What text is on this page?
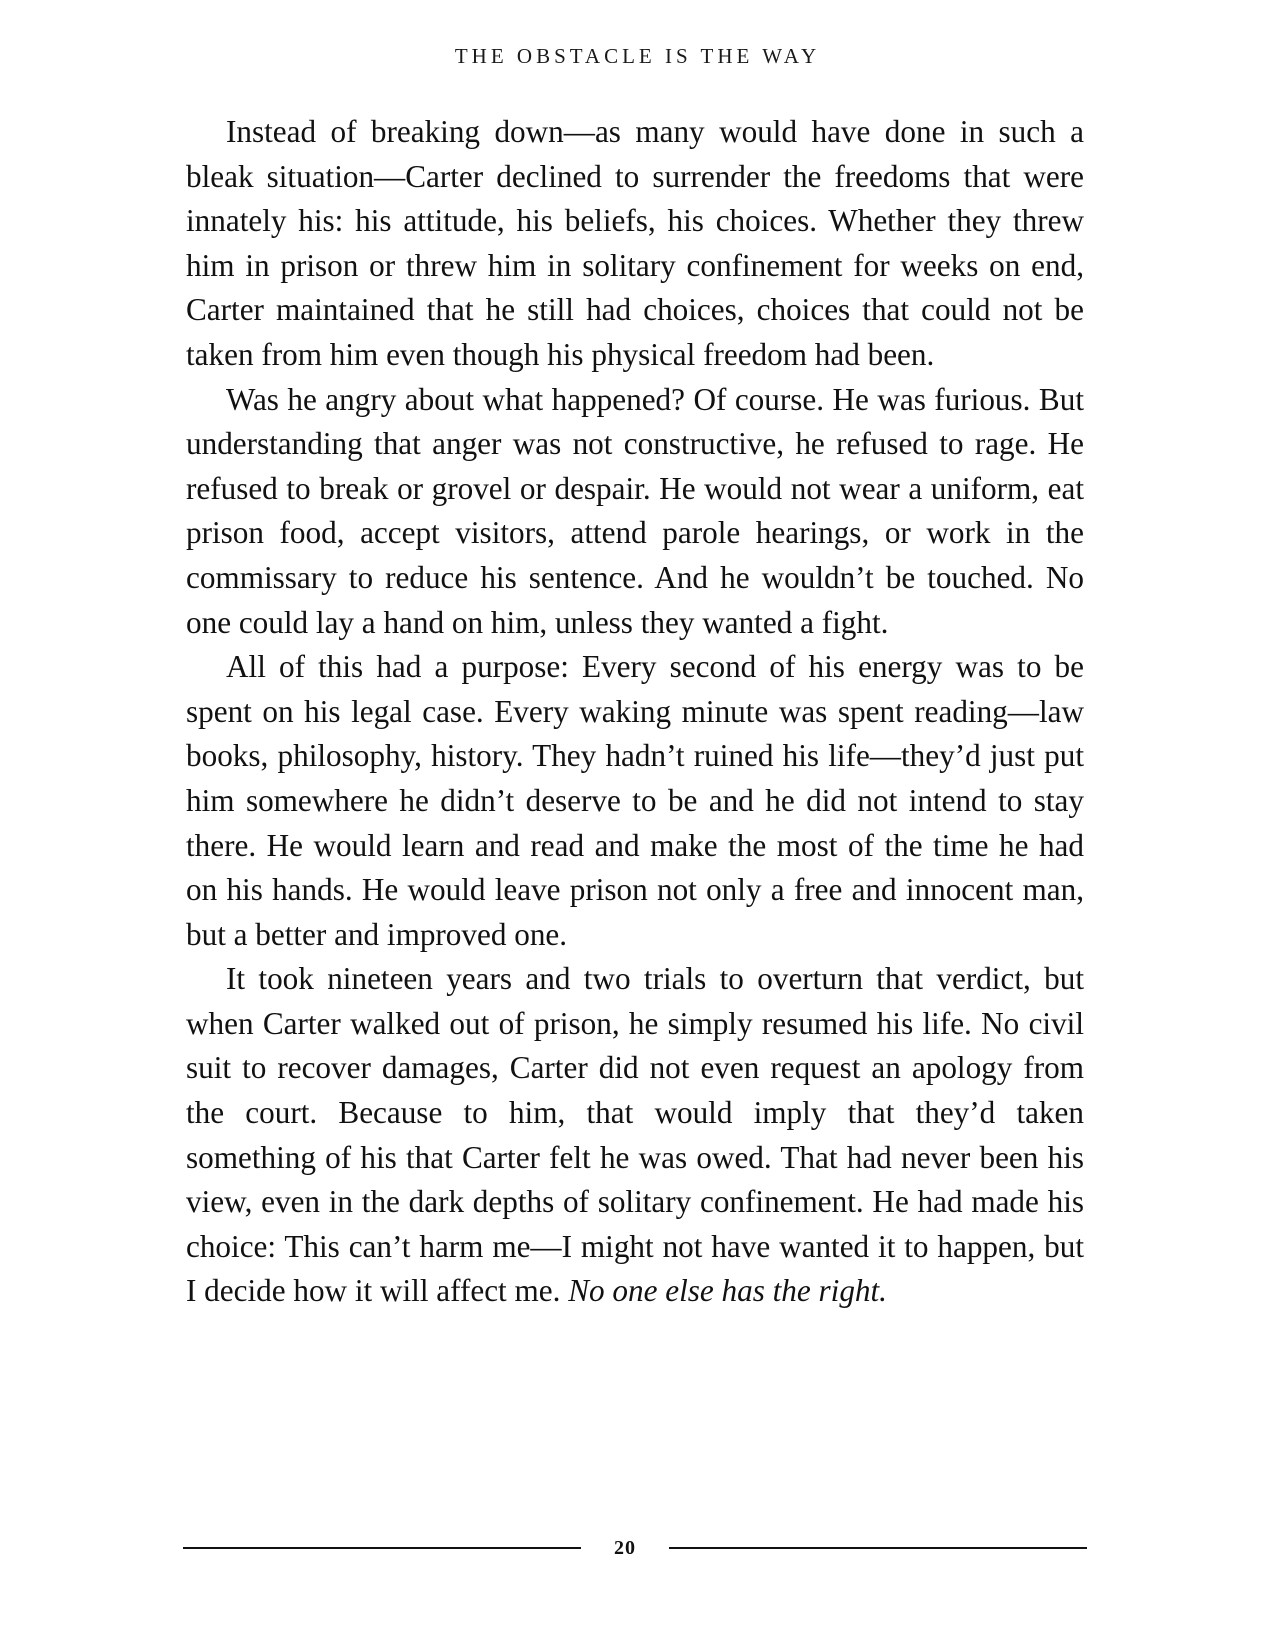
THE OBSTACLE IS THE WAY

Instead of breaking down—as many would have done in such a bleak situation—Carter declined to surrender the freedoms that were innately his: his attitude, his beliefs, his choices. Whether they threw him in prison or threw him in solitary confinement for weeks on end, Carter maintained that he still had choices, choices that could not be taken from him even though his physical freedom had been.

Was he angry about what happened? Of course. He was furious. But understanding that anger was not constructive, he refused to rage. He refused to break or grovel or despair. He would not wear a uniform, eat prison food, accept visitors, attend parole hearings, or work in the commissary to reduce his sentence. And he wouldn’t be touched. No one could lay a hand on him, unless they wanted a fight.

All of this had a purpose: Every second of his energy was to be spent on his legal case. Every waking minute was spent reading—law books, philosophy, history. They hadn’t ruined his life—they’d just put him somewhere he didn’t deserve to be and he did not intend to stay there. He would learn and read and make the most of the time he had on his hands. He would leave prison not only a free and innocent man, but a better and improved one.

It took nineteen years and two trials to overturn that verdict, but when Carter walked out of prison, he simply resumed his life. No civil suit to recover damages, Carter did not even request an apology from the court. Because to him, that would imply that they’d taken something of his that Carter felt he was owed. That had never been his view, even in the dark depths of solitary confinement. He had made his choice: This can’t harm me—I might not have wanted it to happen, but I decide how it will affect me. No one else has the right.

20
